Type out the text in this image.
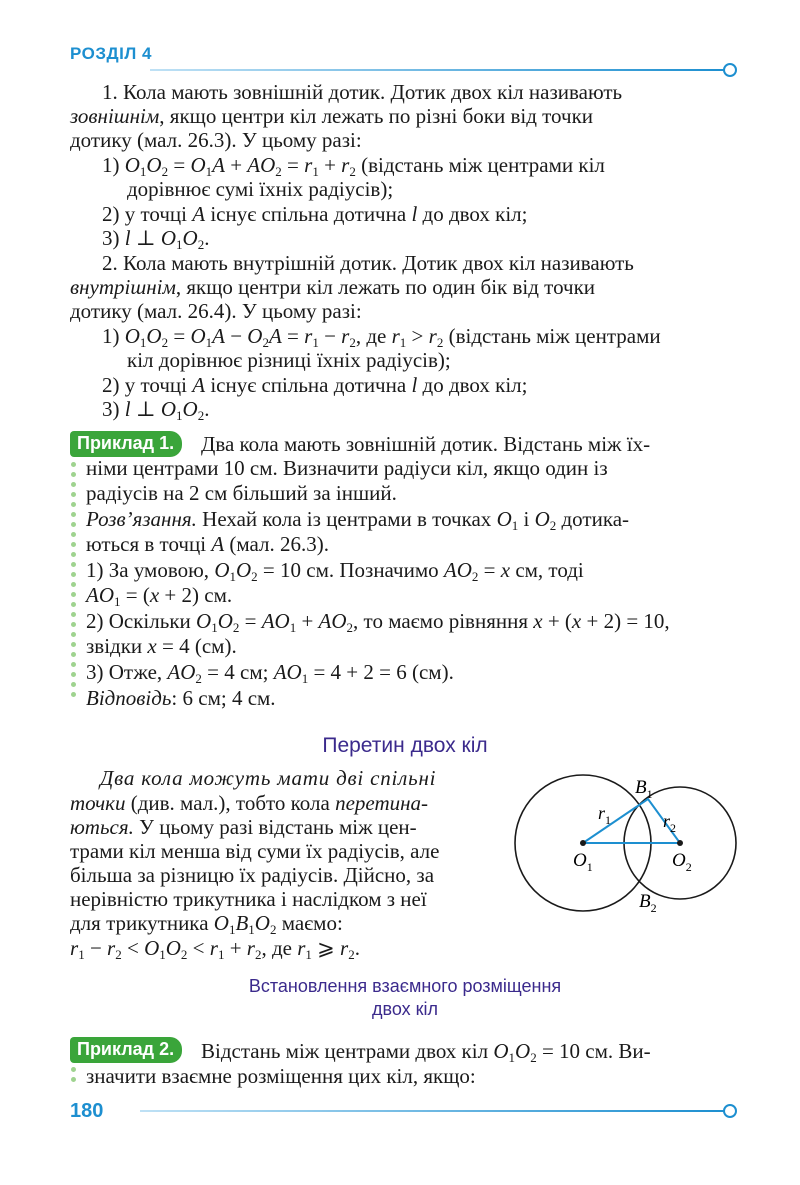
РОЗДІЛ 4
1. Кола мають зовнішній дотик. Дотик двох кіл називають
зовнішнім, якщо центри кіл лежать по різні боки від точки
дотику (мал. 26.3). У цьому разі:
1) $O_1O_2 = O_1A + AO_2 = r_1 + r_2$ (відстань між центрами кіл
дорівнює сумі їхніх радіусів);
2) у точці A існує спільна дотична l до двох кіл;
3) l ⊥ $O_1O_2$.
2. Кола мають внутрішній дотик. Дотик двох кіл називають
внутрішнім, якщо центри кіл лежать по один бік від точки
дотику (мал. 26.4). У цьому разі:
1) $O_1O_2 = O_1A - O_2A = r_1 - r_2$, де $r_1 > r_2$ (відстань між центрами
кіл дорівнює різниці їхніх радіусів);
2) у точці A існує спільна дотична l до двох кіл;
3) l ⊥ $O_1O_2$.
Приклад 1.	Два кола мають зовнішній дотик. Відстань між їх-
німи центрами 10 см. Визначити радіуси кіл, якщо один із
радіусів на 2 см більший за інший.
Розв’язання. Нехай кола із центрами в точках $O_1$ і $O_2$ дотика-
ються в точці A (мал. 26.3).
1) За умовою, $O_1O_2 = 10$ см. Позначимо $AO_2 = x$ см, тоді
$AO_1 = (x + 2)$ см.
2) Оскільки $O_1O_2 = AO_1 + AO_2$, то маємо рівняння x + (x + 2) = 10,
звідки x = 4 (см).
3) Отже, $AO_2 = 4$ см; $AO_1 = 4 + 2 = 6$ (см).
Відповідь: 6 см; 4 см.
Перетин двох кіл
Два кола можуть мати дві спільні
точки (див. мал.), тобто кола перетина-
ються. У цьому разі відстань між цен-
трами кіл менша від суми їх радіусів, але
більша за різницю їх радіусів. Дійсно, за
нерівністю трикутника і наслідком з неї
для трикутника $O_1B_1O_2$ маємо:
$r_1 - r_2 < O_1O_2 < r_1 + r_2$, де $r_1$ ⩾ $r_2$.
$B_1$
$B_2$
$O_1$	$O_2$
$r_1$	$r_2$
Встановлення взаємного розміщення
двох кіл
Приклад 2.	Відстань між центрами двох кіл $O_1O_2 = 10$ см. Ви-
значити взаємне розміщення цих кіл, якщо:
180
